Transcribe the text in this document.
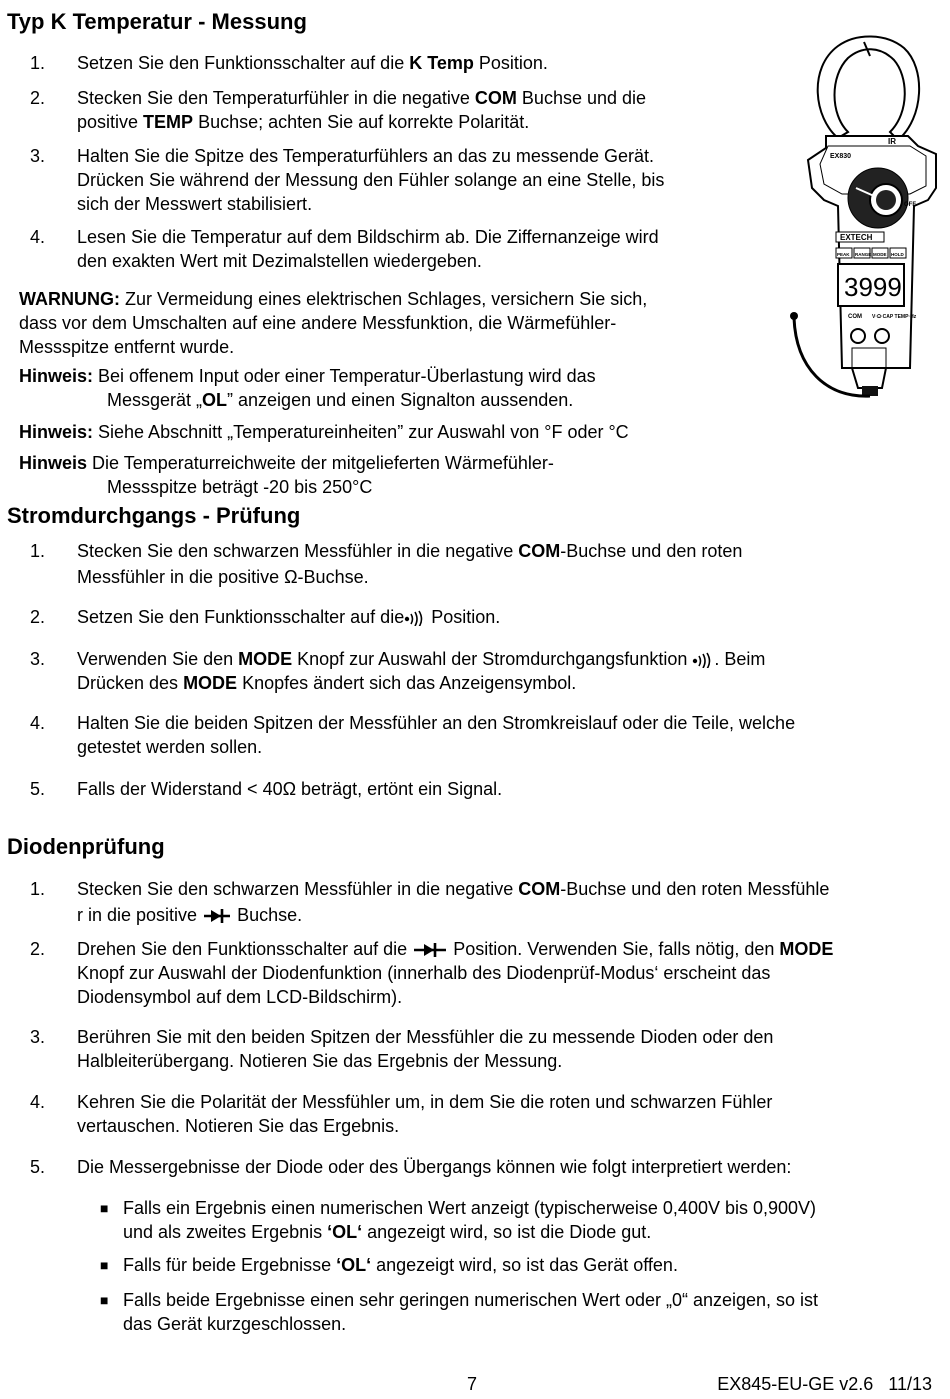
Typ K Temperatur - Messung
1. Setzen Sie den Funktionsschalter auf die K Temp Position.
2. Stecken Sie den Temperaturfühler in die negative COM Buchse und die
positive TEMP Buchse; achten Sie auf korrekte Polarität.
3. Halten Sie die Spitze des Temperaturfühlers an das zu messende Gerät.
Drücken Sie während der Messung den Fühler solange an eine Stelle, bis
sich der Messwert stabilisiert.
4. Lesen Sie die Temperatur auf dem Bildschirm ab. Die Ziffernanzeige wird
den exakten Wert mit Dezimalstellen wiedergeben.
WARNUNG: Zur Vermeidung eines elektrischen Schlages, versichern Sie sich,
dass vor dem Umschalten auf eine andere Messfunktion, die Wärmefühler-
Messspitze entfernt wurde.
Hinweis: Bei offenem Input oder einer Temperatur-Überlastung wird das
Messgerät „OL” anzeigen und einen Signalton aussenden.
Hinweis: Siehe Abschnitt „Temperatureinheiten” zur Auswahl von °F oder °C
Hinweis Die Temperaturreichweite der mitgelieferten Wärmefühler-
Messspitze beträgt -20 bis 250°C
EX830
IR
OFF
EXTECH
PEAK RANGE MODE HOLD
3999
COM V·Ω·CAP TEMP·Hz
Stromdurchgangs - Prüfung
1. Stecken Sie den schwarzen Messfühler in die negative COM-Buchse und den roten
Messfühler in die positive Ω-Buchse.
2. Setzen Sie den Funktionsschalter auf die Position.
3. Verwenden Sie den MODE Knopf zur Auswahl der Stromdurchgangsfunktion . Beim
Drücken des MODE Knopfes ändert sich das Anzeigensymbol.
4. Halten Sie die beiden Spitzen der Messfühler an den Stromkreislauf oder die Teile, welche
getestet werden sollen.
5. Falls der Widerstand < 40Ω beträgt, ertönt ein Signal.
Diodenprüfung
1. Stecken Sie den schwarzen Messfühler in die negative COM-Buchse und den roten Messfühle
r in die positive  Buchse.
2. Drehen Sie den Funktionsschalter auf die  Position. Verwenden Sie, falls nötig, den MODE
Knopf zur Auswahl der Diodenfunktion (innerhalb des Diodenprüf-Modus‘ erscheint das
Diodensymbol auf dem LCD-Bildschirm).
3. Berühren Sie mit den beiden Spitzen der Messfühler die zu messende Dioden oder den
Halbleiterübergang. Notieren Sie das Ergebnis der Messung.
4. Kehren Sie die Polarität der Messfühler um, in dem Sie die roten und schwarzen Fühler
vertauschen. Notieren Sie das Ergebnis.
5. Die Messergebnisse der Diode oder des Übergangs können wie folgt interpretiert werden:
■ Falls ein Ergebnis einen numerischen Wert anzeigt (typischerweise 0,400V bis 0,900V)
und als zweites Ergebnis ‘OL‘ angezeigt wird, so ist die Diode gut.
■ Falls für beide Ergebnisse ‘OL‘ angezeigt wird, so ist das Gerät offen.
■ Falls beide Ergebnisse einen sehr geringen numerischen Wert oder „0“ anzeigen, so ist
das Gerät kurzgeschlossen.
7	EX845-EU-GE v2.6   11/13
